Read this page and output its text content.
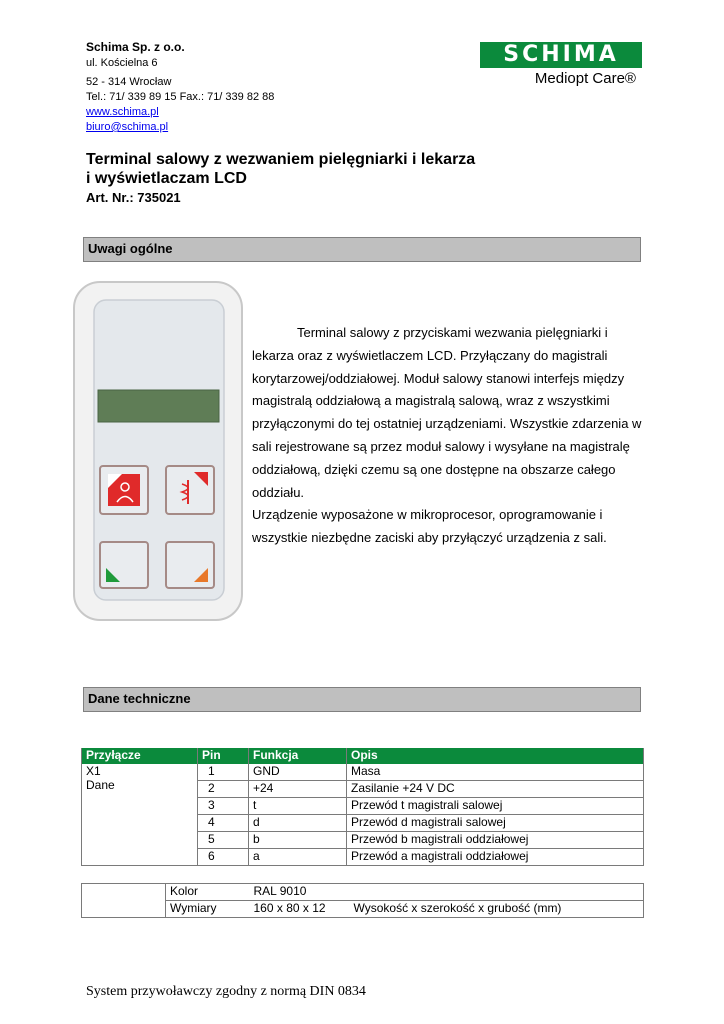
Schima Sp. z o.o.
ul. Kościelna 6
52 - 314 Wrocław
Tel.: 71/ 339 89 15 Fax.: 71/ 339 82 88
www.schima.pl
biuro@schima.pl
SCHIMA
Mediopt Care®
Terminal salowy z wezwaniem pielęgniarki i lekarza
i wyświetlaczam LCD
Art. Nr.: 735021
Uwagi ogólne

Terminal salowy z przyciskami wezwania pielęgniarki i lekarza oraz z wyświetlaczem LCD. Przyłączany do magistrali korytarzowej/oddziałowej. Moduł salowy stanowi interfejs między magistralą oddziałową a magistralą salową, wraz z wszystkimi przyłączonymi do tej ostatniej urządzeniami. Wszystkie zdarzenia w sali rejestrowane są przez moduł salowy i wysyłane na magistralę oddziałową, dzięki czemu są one dostępne na obszarze całego oddziału.

Urządzenie wyposażone w mikroprocesor, oprogramowanie i wszystkie niezbędne zaciski aby przyłączyć urządzenia z sali.

Dane techniczne
Przyłącze	Pin	Funkcja	Opis

X1
Dane	1	GND	Masa
	2	+24	Zasilanie +24 V DC
	3	t	Przewód t magistrali salowej
	4	d	Przewód d magistrali salowej
	5	b	Przewód b magistrali oddziałowej
	6	a	Przewód a magistrali oddziałowej
	Kolor	RAL 9010	
	Wymiary	160 x 80 x 12	Wysokość x szerokość x grubość (mm)
System przywoławczy zgodny z normą DIN 0834
